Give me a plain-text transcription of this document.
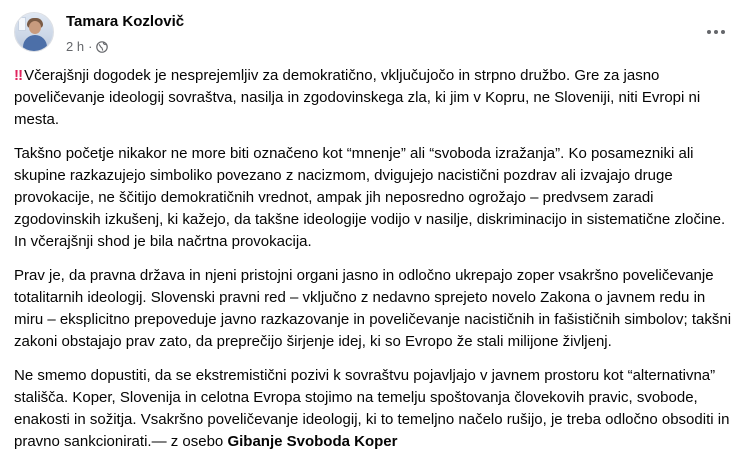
Tamara Kozlovič
2 h ·

‼ Včerajšnji dogodek je nesprejemljiv za demokratično, vključujočo in strpno družbo. Gre za jasno poveličevanje ideologij sovraštva, nasilja in zgodovinskega zla, ki jim v Kopru, ne Sloveniji, niti Evropi ni mesta.

Takšno početje nikakor ne more biti označeno kot “mnenje” ali “svoboda izražanja”. Ko posamezniki ali skupine razkazujejo simboliko povezano z nacizmom, dvigujejo nacistični pozdrav ali izvajajo druge provokacije, ne ščitijo demokratičnih vrednot, ampak jih neposredno ogrožajo – predvsem zaradi zgodovinskih izkušenj, ki kažejo, da takšne ideologije vodijo v nasilje, diskriminacijo in sistematične zločine. In včerajšnji shod je bila načrtna provokacija.

Prav je, da pravna država in njeni pristojni organi jasno in odločno ukrepajo zoper vsakršno poveličevanje totalitarnih ideologij. Slovenski pravni red – vključno z nedavno sprejeto novelo Zakona o javnem redu in miru – eksplicitno prepoveduje javno razkazovanje in poveličevanje nacističnih in fašističnih simbolov; takšni zakoni obstajajo prav zato, da preprečijo širjenje idej, ki so Evropo že stali milijone življenj.

Ne smemo dopustiti, da se ekstremistični pozivi k sovraštvu pojavljajo v javnem prostoru kot “alternativna” stališča. Koper, Slovenija in celotna Evropa stojimo na temelju spoštovanja človekovih pravic, svobode, enakosti in sožitja. Vsakršno poveličevanje ideologij, ki to temeljno načelo rušijo, je treba odločno obsoditi in pravno sankcionirati.— z osebo Gibanje Svoboda Koper
